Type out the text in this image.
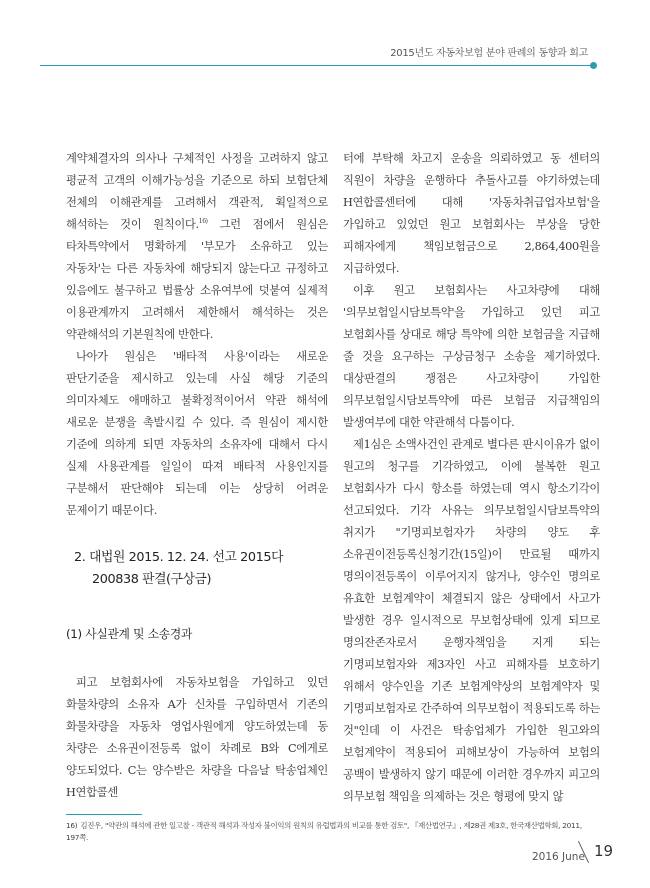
2015년도 자동차보험 분야 판례의 동향과 회고

계약체결자의 의사나 구체적인 사정을 고려하지 않고 평균적 고객의 이해가능성을 기준으로 하되 보험단체 전체의 이해관계를 고려해서 객관적, 획일적으로 해석하는 것이 원칙이다.$^{16)}$ 그런 점에서 원심은 타차특약에서 명확하게 '부모가 소유하고 있는 자동차'는 다른 자동차에 해당되지 않는다고 규정하고 있음에도 불구하고 법률상 소유여부에 덧붙여 실제적 이용관계까지 고려해서 제한해서 해석하는 것은 약관해석의 기본원칙에 반한다.

나아가 원심은 '배타적 사용'이라는 새로운 판단기준을 제시하고 있는데 사실 해당 기준의 의미자체도 애매하고 불확정적이어서 약관 해석에 새로운 분쟁을 촉발시킬 수 있다. 즉 원심이 제시한 기준에 의하게 되면 자동차의 소유자에 대해서 다시 실제 사용관계를 일일이 따져 배타적 사용인지를 구분해서 판단해야 되는데 이는 상당히 어려운 문제이기 때문이다.

2. 대법원 2015. 12. 24. 선고 2015다200838 판결(구상금)
(1) 사실관계 및 소송경과

피고 보험회사에 자동차보험을 가입하고 있던 화물차량의 소유자 A가 신차를 구입하면서 기존의 화물차량을 자동차 영업사원에게 양도하였는데 동 차량은 소유권이전등록 없이 차례로 B와 C에게로 양도되었다. C는 양수받은 차량을 다음날 탁송업체인 H연합콜센

터에 부탁해 차고지 운송을 의뢰하였고 동 센터의 직원이 차량을 운행하다 추돌사고를 야기하였는데 H연합콜센터에 대해 '자동차취급업자보험'을 가입하고 있었던 원고 보험회사는 부상을 당한 피해자에게 책임보험금으로 2,864,400원을 지급하였다.

이후 원고 보험회사는 사고차량에 대해 '의무보험일시담보특약'을 가입하고 있던 피고 보험회사를 상대로 해당 특약에 의한 보험금을 지급해 줄 것을 요구하는 구상금청구 소송을 제기하였다. 대상판결의 쟁점은 사고차량이 가입한 의무보험일시담보특약에 따른 보험금 지급책임의 발생여부에 대한 약관해석 다툼이다.

제1심은 소액사건인 관계로 별다른 판시이유가 없이 원고의 청구를 기각하였고, 이에 불복한 원고 보험회사가 다시 항소를 하였는데 역시 항소기각이 선고되었다. 기각 사유는 의무보험일시담보특약의 취지가 "기명피보험자가 차량의 양도 후 소유권이전등록신청기간(15일)이 만료될 때까지 명의이전등록이 이루어지지 않거나, 양수인 명의로 유효한 보험계약이 체결되지 않은 상태에서 사고가 발생한 경우 일시적으로 무보험상태에 있게 되므로 명의잔존자로서 운행자책임을 지게 되는 기명피보험자와 제3자인 사고 피해자를 보호하기 위해서 양수인을 기존 보험계약상의 보험계약자 및 기명피보험자로 간주하여 의무보험이 적용되도록 하는 것"인데 이 사건은 탁송업체가 가입한 원고와의 보험계약이 적용되어 피해보상이 가능하여 보험의 공백이 발생하지 않기 때문에 이러한 경우까지 피고의 의무보험 책임을 의제하는 것은 형평에 맞지 않

16) 김진우, "약관의 해석에 관한 일고찰 - 객관적 해석과 작성자 불이익의 원칙의 유럽법과의 비교를 통한 검토", 『재산법연구』, 제28권 제3호, 한국재산법학회, 2011, 197쪽.

2016 June 19
